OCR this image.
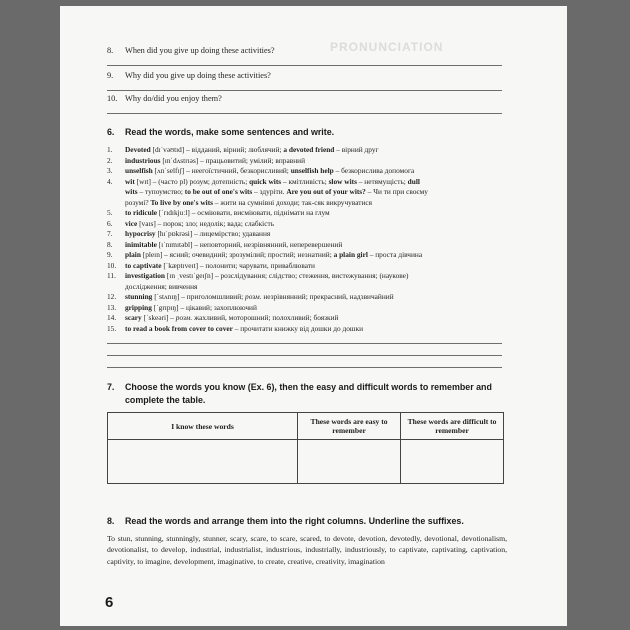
PRONUNCIATION
8. When did you give up doing these activities?
9. Why did you give up doing these activities?
10. Why do/did you enjoy them?
6. Read the words, make some sentences and write.
1. Devoted [dɪˈvəʊtɪd] – відданий, вірний; люблячий; a devoted friend – вірний друг
2. industrious [ɪnˈdʌstrɪəs] – працьовитий; умілий; вправний
3. unselfish [ʌnˈselfɪʃ] – неегоїстичний, безкорисливий; unselfish help – безкорислива допомога
4. wit [wɪt] – (часто pl) розум; дотепність; quick wits – кмітливість; slow wits – нетямущість; dull
wits – тупоумство; to be out of one's wits – здуріти. Are you out of your wits? – Чи ти при своєму
розумі? To live by one's wits – жити на сумнівні доходи; так-сяк викручуватися
5. to ridicule [ˈrɪdɪkjuːl] – осміювати, висміювати, піднімати на глум
6. vice [vaɪs] – порок; зло; недолік; вада; слабкість
7. hypocrisy [hɪˈpɒkrəsi] – лицемірство; удавання
8. inimitable [ɪˈnɪmɪtəbl] – неповторний, незрівнянний, неперевершений
9. plain [pleɪn] – ясний; очевидний; зрозумілий; простий; незнатний; a plain girl – проста дівчина
10. to captivate [ˈkæptɪveɪt] – полонити; чарувати, приваблювати
11. investigation [ɪn ˌvestɪˈgeɪʃn] – розслідування; слідство; стеження, вистежування; (наукове)
дослідження; вивчення
12. stunning [ˈstʌnɪŋ] – приголомшливий; розм. незрівнянний; прекрасний, надзвичайний
13. gripping [ˈgrɪpɪŋ] – цікавий; захоплюючий
14. scary [ˈskeəri] – розм. жахливий, моторошний; полохливий; боязкий
15. to read a book from cover to cover – прочитати книжку від дошки до дошки
7. Choose the words you know (Ex. 6), then the easy and difficult words to remember and
complete the table.
I know these words	These words are easy to remember	These words are difficult to remember

8. Read the words and arrange them into the right columns. Underline the suffixes.
To stun, stunning, stunningly, stunner, scary, scare, to scare, scared, to devote, devotion, devotedly, devotional, devotionalism, devotionalist, to develop, industrial, industrialist, industrious, industrially, industriously, to captivate, captivating, captivation, captivity, to imagine, development, imaginative, to create, creative, creativity, imagination
6
